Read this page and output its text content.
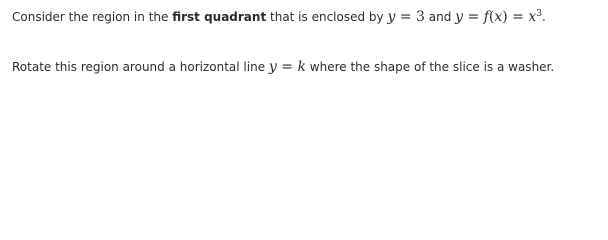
Consider the region in the first quadrant that is enclosed by y = 3 and $y = f(x) = x^3$.
Rotate this region around a horizontal line y = k where the shape of the slice is a washer.
